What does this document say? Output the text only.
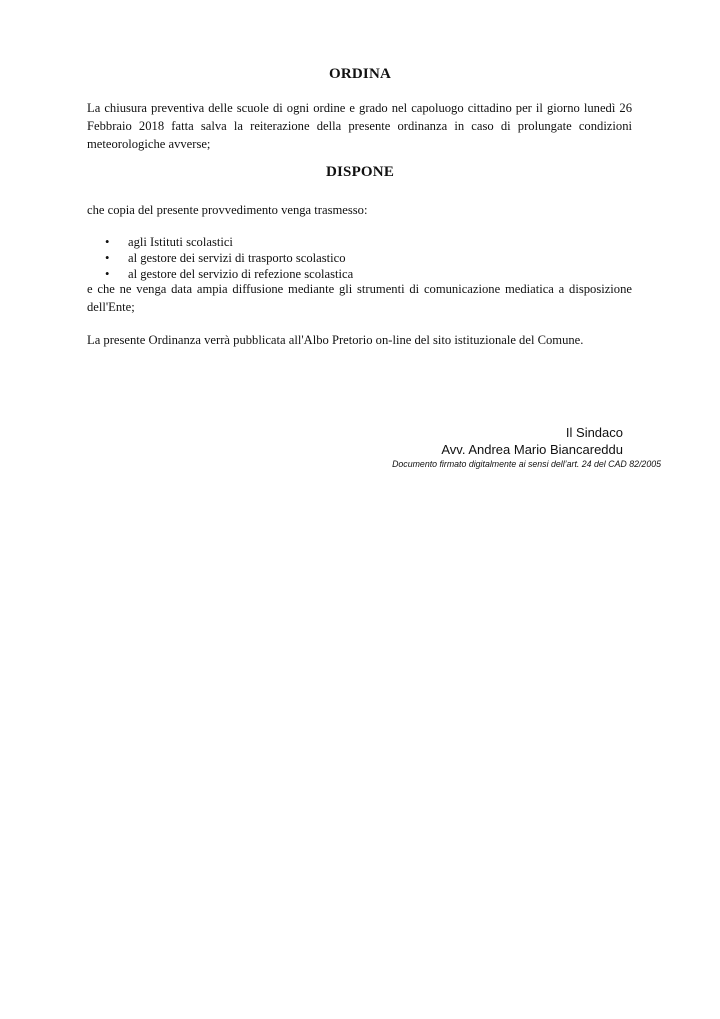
ORDINA
La chiusura preventiva delle scuole di ogni ordine e grado nel capoluogo cittadino per il giorno lunedì 26
Febbraio 2018 fatta salva la reiterazione della presente ordinanza in caso di prolungate condizioni
meteorologiche avverse;
DISPONE
che copia del presente provvedimento venga trasmesso:
• agli Istituti scolastici
• al gestore dei servizi di trasporto scolastico
• al gestore del servizio di refezione scolastica
e che ne venga data ampia diffusione mediante gli strumenti di comunicazione mediatica a disposizione
dell'Ente;
La presente Ordinanza verrà pubblicata all'Albo Pretorio on-line del sito istituzionale del Comune.
Il Sindaco
Avv. Andrea Mario Biancareddu
Documento firmato digitalmente ai sensi dell’art. 24 del CAD 82/2005
